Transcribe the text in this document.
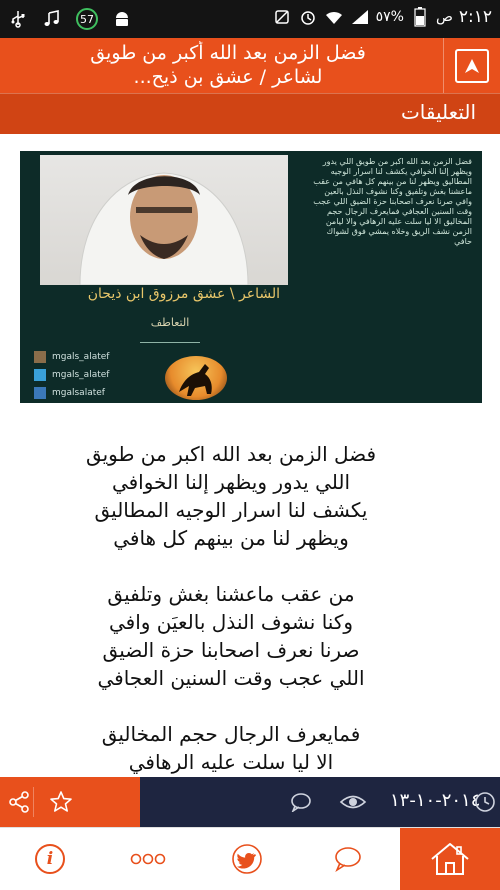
57	٥٧% ص ٢:١٢
فضل الزمن بعد الله أكبر من طويق
لشاعر / عشق بن ذيح...
التعليقات
الشاعر \ عشق مرزوق ابن ذيحان
التعاطف
mgals_alatef
mgals_alatef
mgalsalatef
فضل الزمن بعد الله اكبر من طويق اللي يدور ويظهر إلنا الخوافي يكشف لنا اسرار الوجيه المطاليق ويظهر لنا من بينهم كل هافي من عقب ماعشنا بغش وتلفيق وكنا نشوف النذل بالعين وافي صرنا نعرف اصحابنا حزة الضيق اللي عجب وقت السنين العجافي فمايعرف الرجال حجم المخاليق الا ليا سلت عليه الرهافي والا ليامن الزمن نشف الريق وخلاه يمشي فوق لشواك حافي
فضل الزمن بعد الله اكبر من طويق
اللي يدور ويظهر إلنا الخوافي
يكشف لنا اسرار الوجيه المطاليق
ويظهر لنا من بينهم كل هافي
من عقب ماعشنا بغش وتلفيق
وكنا نشوف النذل بالعيَن وافي
صرنا نعرف اصحابنا حزة الضيق
اللي عجب وقت السنين العجافي
فمايعرف الرجال حجم المخاليق
الا ليا سلت عليه الرهافي
٢٠١٤-١٠-١٣
i
